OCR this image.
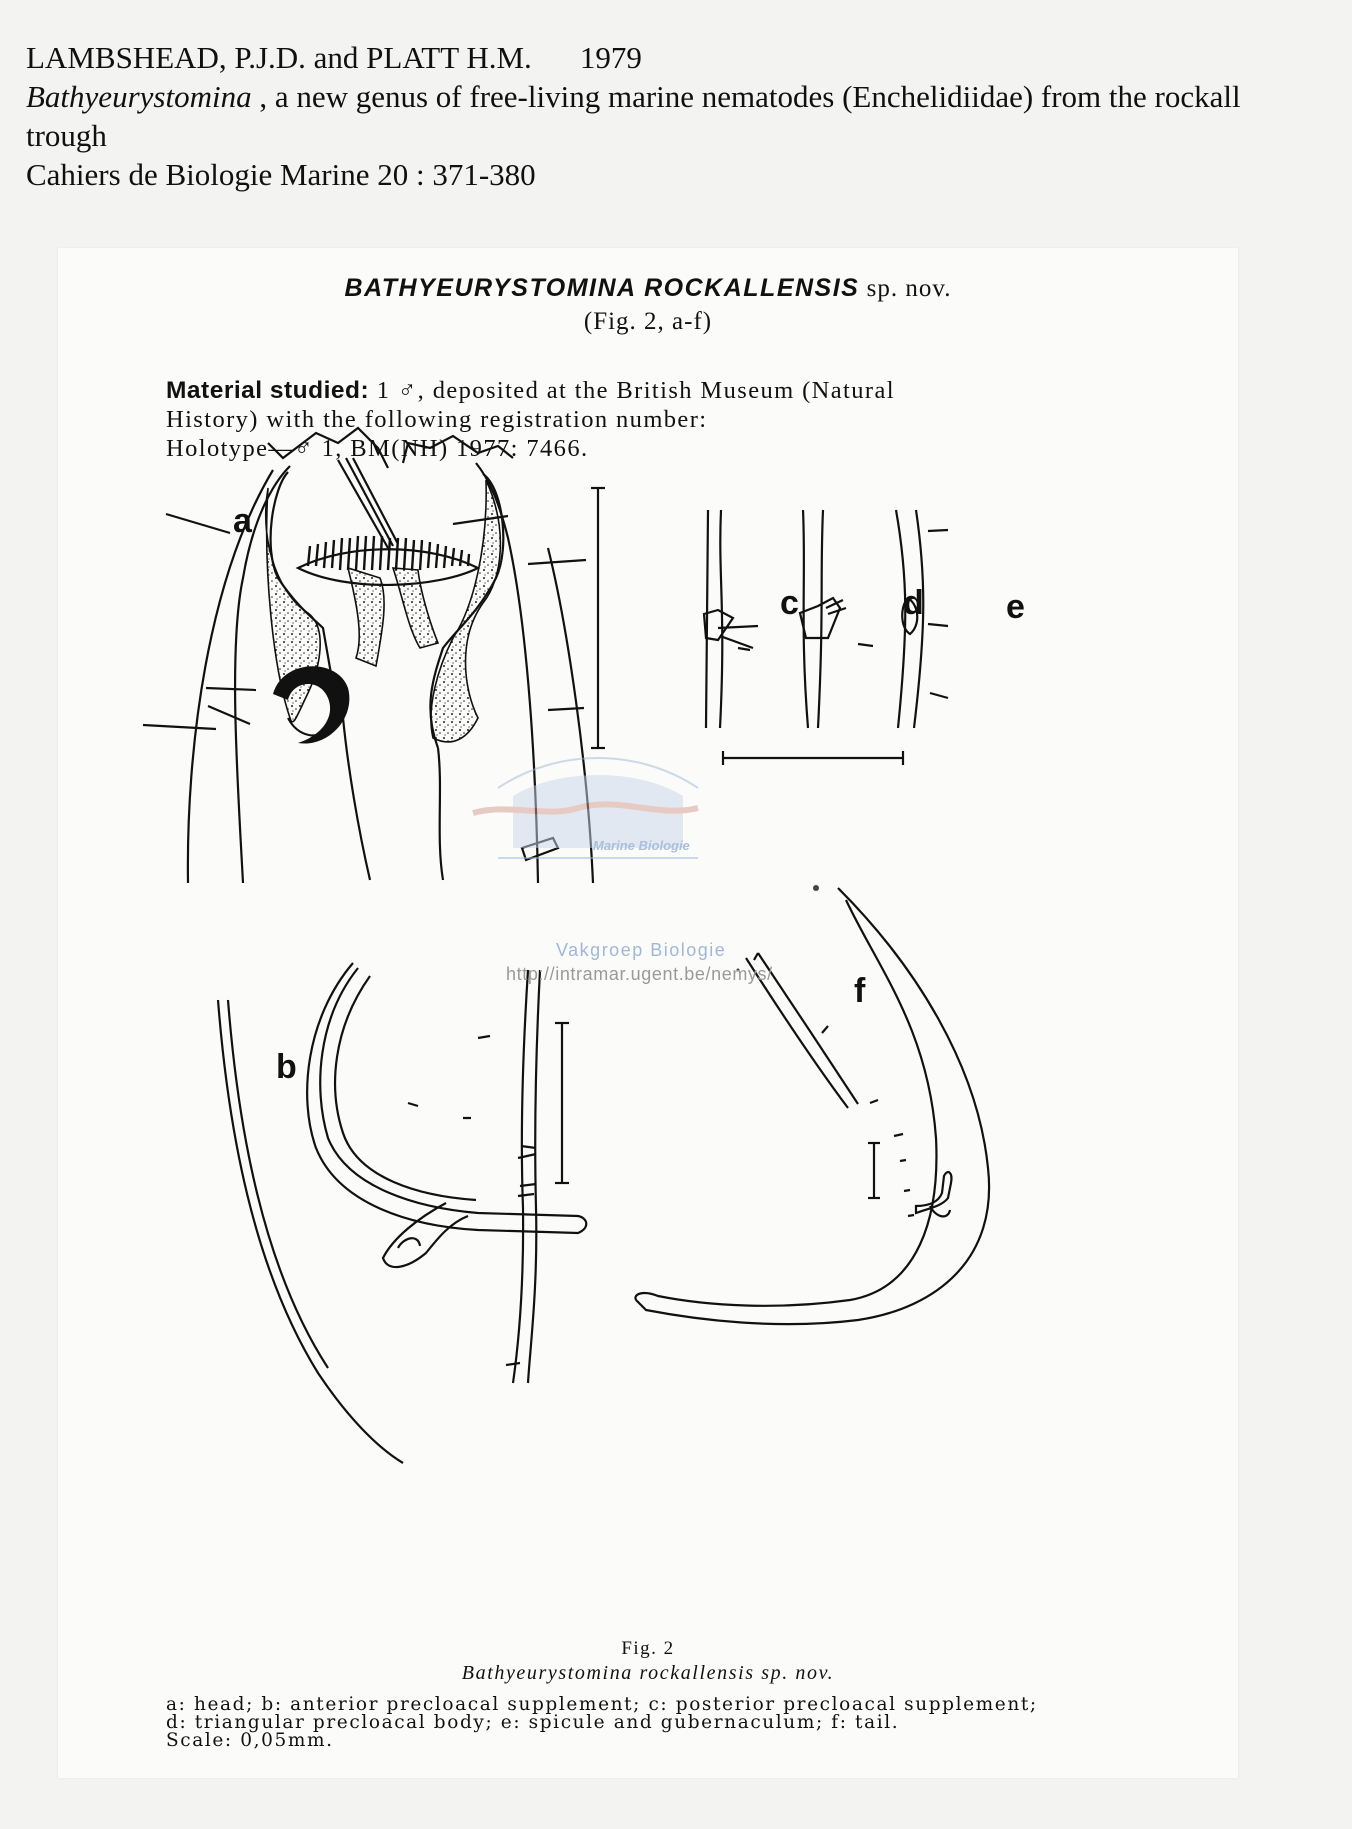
LAMBSHEAD, P.J.D. and PLATT H.M. 1979
Bathyeurystomina , a new genus of free-living marine nematodes (Enchelidiidae) from the rockall trough
Cahiers de Biologie Marine 20 : 371-380
BATHYEURYSTOMINA ROCKALLENSIS sp. nov.
(Fig. 2, a-f)
Material studied: 1 ♂, deposited at the British Museum (Natural
History) with the following registration number:
Holotype—♂ 1, BM(NH) 1977: 7466.
a
c	d e
b
f
Marine Biologie
Vakgroep Biologie
http://intramar.ugent.be/nemys/
Fig. 2
Bathyeurystomina rockallensis sp. nov.
a: head; b: anterior precloacal supplement; c: posterior precloacal supplement;
d: triangular precloacal body; e: spicule and gubernaculum; f: tail.
Scale: 0,05mm.
